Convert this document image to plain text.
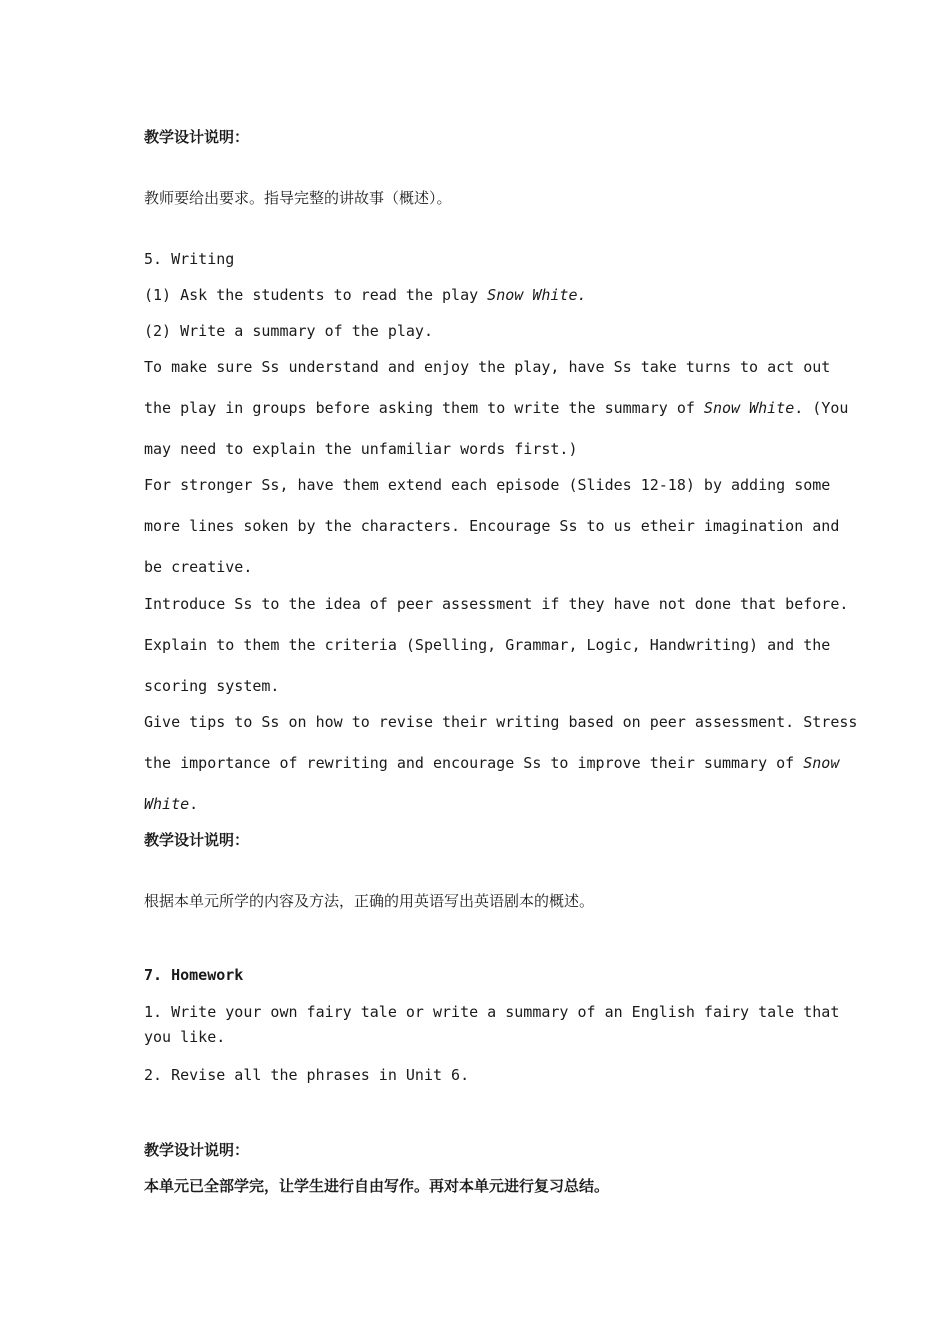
教学设计说明：
教师要给出要求。指导完整的讲故事（概述）。
5. Writing
(1) Ask the students to read the play Snow White.
(2) Write a summary of the play.
To make sure Ss understand and enjoy the play, have Ss take turns to act out
the play in groups before asking them to write the summary of Snow White. (You
may need to explain the unfamiliar words first.)
For stronger Ss, have them extend each episode (Slides 12-18) by adding some
more lines soken by the characters. Encourage Ss to us etheir imagination and
be creative.
Introduce Ss to the idea of peer assessment if they have not done that before.
Explain to them the criteria (Spelling, Grammar, Logic, Handwriting) and the
scoring system.
Give tips to Ss on how to revise their writing based on peer assessment. Stress
the importance of rewriting and encourage Ss to improve their summary of Snow
White.
教学设计说明：
根据本单元所学的内容及方法，正确的用英语写出英语剧本的概述。
7. Homework
1. Write your own fairy tale or write a summary of an English fairy tale that
you like.
2. Revise all the phrases in Unit 6.
教学设计说明：
本单元已全部学完，让学生进行自由写作。再对本单元进行复习总结。
